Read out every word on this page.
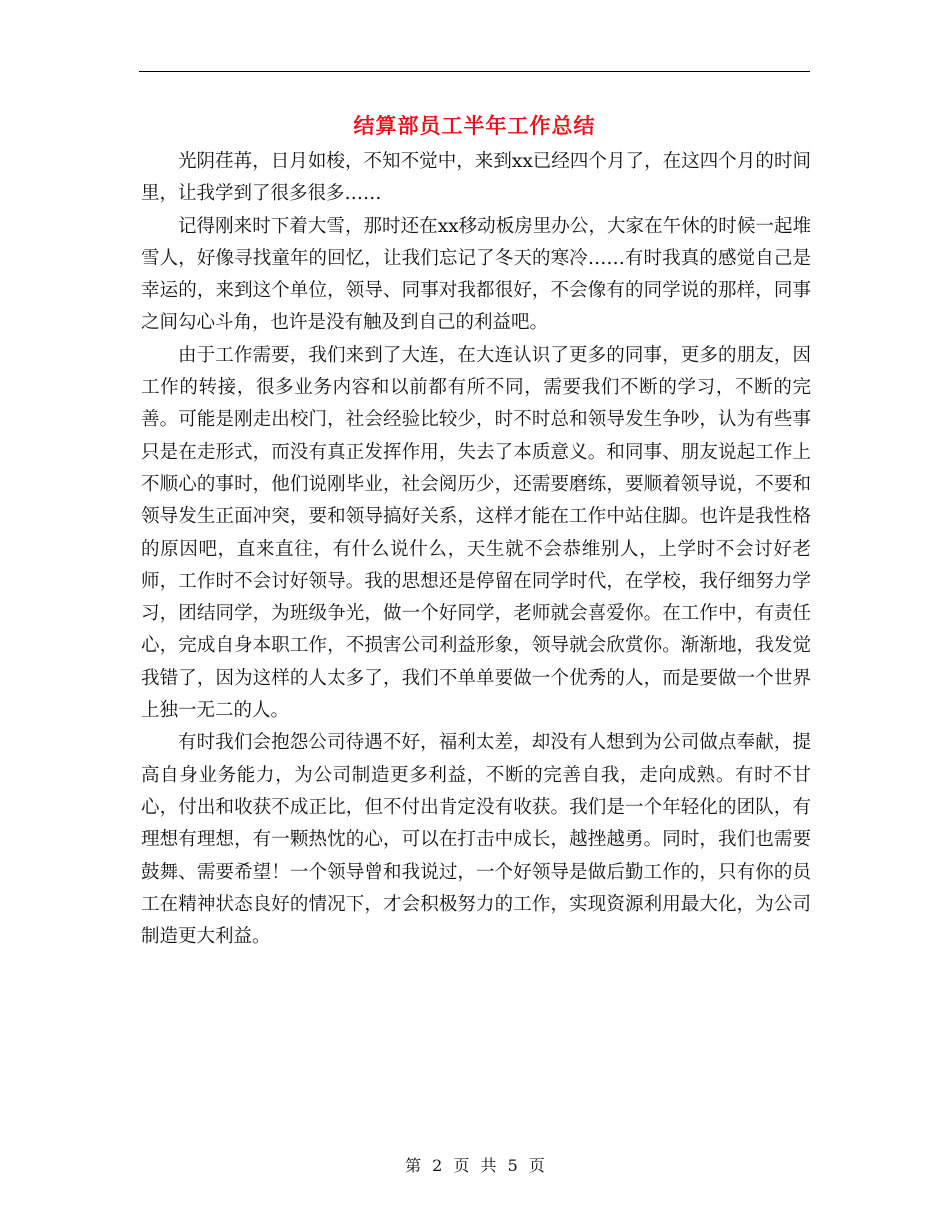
结算部员工半年工作总结

光阴荏苒，日月如梭，不知不觉中，来到xx已经四个月了，在这四个月的时间里，让我学到了很多很多……

记得刚来时下着大雪，那时还在xx移动板房里办公，大家在午休的时候一起堆雪人，好像寻找童年的回忆，让我们忘记了冬天的寒冷……有时我真的感觉自己是幸运的，来到这个单位，领导、同事对我都很好，不会像有的同学说的那样，同事之间勾心斗角，也许是没有触及到自己的利益吧。

由于工作需要，我们来到了大连，在大连认识了更多的同事，更多的朋友，因工作的转接，很多业务内容和以前都有所不同，需要我们不断的学习，不断的完善。可能是刚走出校门，社会经验比较少，时不时总和领导发生争吵，认为有些事只是在走形式，而没有真正发挥作用，失去了本质意义。和同事、朋友说起工作上不顺心的事时，他们说刚毕业，社会阅历少，还需要磨练，要顺着领导说，不要和领导发生正面冲突，要和领导搞好关系，这样才能在工作中站住脚。也许是我性格的原因吧，直来直往，有什么说什么，天生就不会恭维别人，上学时不会讨好老师，工作时不会讨好领导。我的思想还是停留在同学时代，在学校，我仔细努力学习，团结同学，为班级争光，做一个好同学，老师就会喜爱你。在工作中，有责任心，完成自身本职工作，不损害公司利益形象，领导就会欣赏你。渐渐地，我发觉我错了，因为这样的人太多了，我们不单单要做一个优秀的人，而是要做一个世界上独一无二的人。

有时我们会抱怨公司待遇不好，福利太差，却没有人想到为公司做点奉献，提高自身业务能力，为公司制造更多利益，不断的完善自我，走向成熟。有时不甘心，付出和收获不成正比，但不付出肯定没有收获。我们是一个年轻化的团队，有理想有理想，有一颗热忱的心，可以在打击中成长，越挫越勇。同时，我们也需要鼓舞、需要希望！一个领导曾和我说过，一个好领导是做后勤工作的，只有你的员工在精神状态良好的情况下，才会积极努力的工作，实现资源利用最大化，为公司制造更大利益。

第 2 页 共 5 页
